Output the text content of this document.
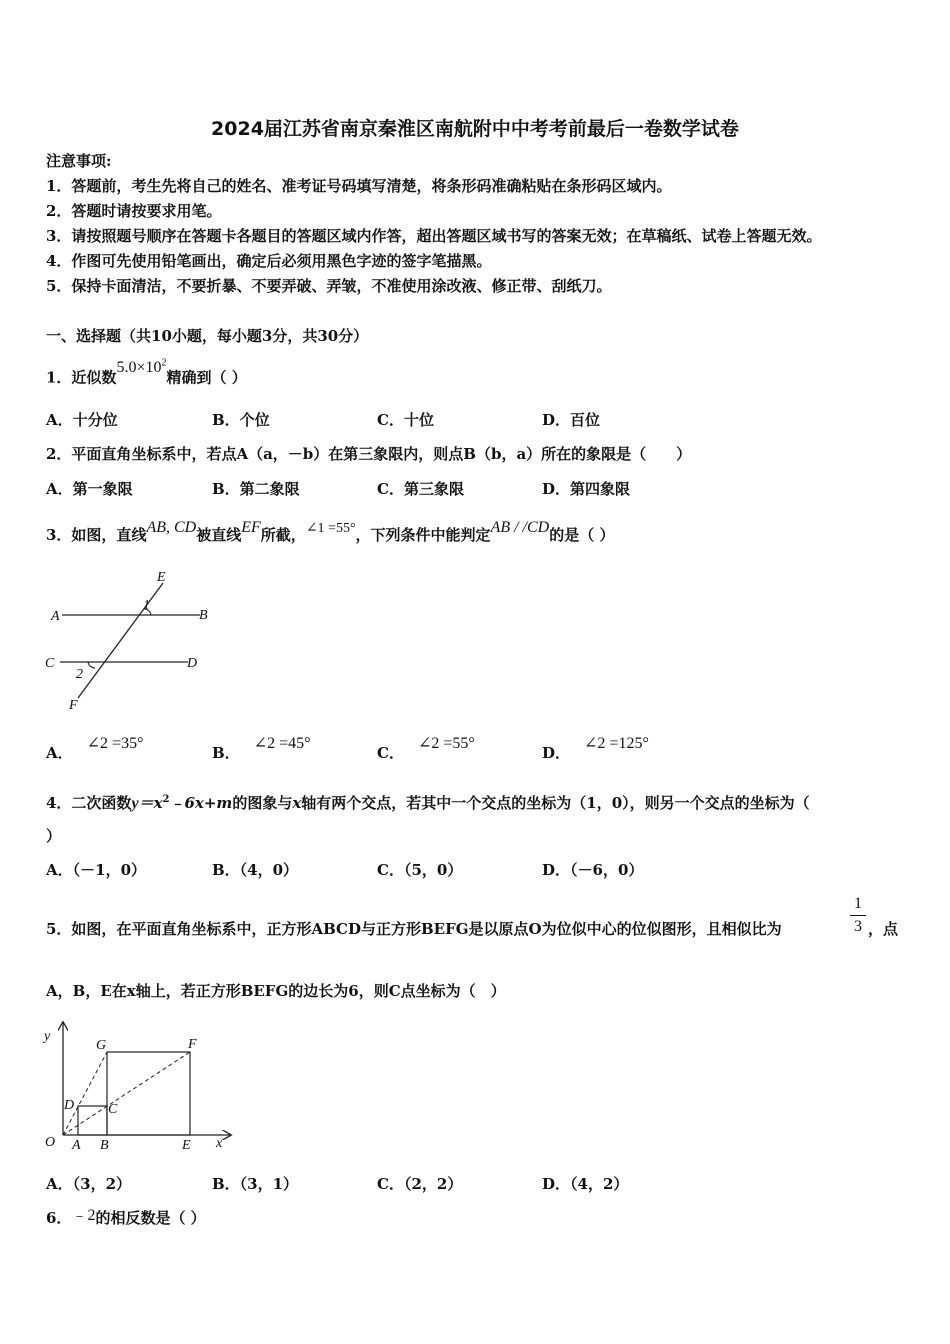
2024届江苏省南京秦淮区南航附中中考考前最后一卷数学试卷
注意事项:
1．答题前，考生先将自己的姓名、准考证号码填写清楚，将条形码准确粘贴在条形码区域内。
2．答题时请按要求用笔。
3．请按照题号顺序在答题卡各题目的答题区域内作答，超出答题区域书写的答案无效；在草稿纸、试卷上答题无效。
4．作图可先使用铅笔画出，确定后必须用黑色字迹的签字笔描黑。
5．保持卡面清洁，不要折暴、不要弄破、弄皱，不准使用涂改液、修正带、刮纸刀。
一、选择题（共10小题，每小题3分，共30分）
1．近似数$5.0\times 10^2$精确到（ ）
A．十分位	B．个位	C．十位	D．百位
2．平面直角坐标系中，若点A（a，－b）在第三象限内，则点B（b，a）所在的象限是（　　）
A．第一象限	B．第二象限	C．第三象限	D．第四象限
3．如图，直线AB, CD被直线EF所截，∠1 =55°，下列条件中能判定AB / /CD的是（ ）
E
1
A	B
C	D
2
F
A．∠2 =35°
B．∠2 =45°
C．∠2 =55°
D．∠2 =125°
4．二次函数$y=x^2﹣6x+m$的图象与x轴有两个交点，若其中一个交点的坐标为（1，0），则另一个交点的坐标为（
）
A．（－1，0）	B．（4，0）	C．（5，0）	D．（－6，0）
5．如图，在平面直角坐标系中，正方形ABCD与正方形BEFG是以原点O为位似中心的位似图形，且相似比为
1
3 ，点
A，B，E在x轴上，若正方形BEFG的边长为6，则C点坐标为（　）
y
G	F
D C
O A B	E x
A．（3，2）	B．（3，1）	C．（2，2）	D．（4，2）
6．﹣2的相反数是（ ）
